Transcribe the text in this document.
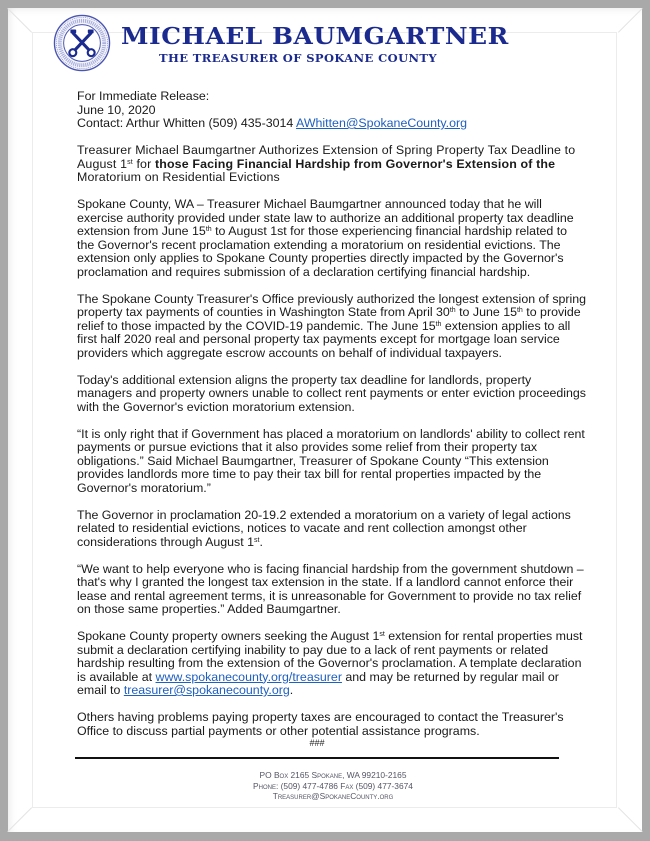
MICHAEL BAUMGARTNER
THE TREASURER OF SPOKANE COUNTY

For Immediate Release:
June 10, 2020
Contact: Arthur Whitten (509) 435-3014 AWhitten@SpokaneCounty.org

Treasurer Michael Baumgartner Authorizes Extension of Spring Property Tax Deadline to August 1st for those Facing Financial Hardship from Governor's Extension of the Moratorium on Residential Evictions

Spokane County, WA – Treasurer Michael Baumgartner announced today that he will exercise authority provided under state law to authorize an additional property tax deadline extension from June 15th to August 1st for those experiencing financial hardship related to the Governor's recent proclamation extending a moratorium on residential evictions. The extension only applies to Spokane County properties directly impacted by the Governor's proclamation and requires submission of a declaration certifying financial hardship.

The Spokane County Treasurer's Office previously authorized the longest extension of spring property tax payments of counties in Washington State from April 30th to June 15th to provide relief to those impacted by the COVID-19 pandemic. The June 15th extension applies to all first half 2020 real and personal property tax payments except for mortgage loan service providers which aggregate escrow accounts on behalf of individual taxpayers.

Today's additional extension aligns the property tax deadline for landlords, property managers and property owners unable to collect rent payments or enter eviction proceedings with the Governor's eviction moratorium extension.

“It is only right that if Government has placed a moratorium on landlords' ability to collect rent payments or pursue evictions that it also provides some relief from their property tax obligations.” Said Michael Baumgartner, Treasurer of Spokane County “This extension provides landlords more time to pay their tax bill for rental properties impacted by the Governor's moratorium.”

The Governor in proclamation 20-19.2 extended a moratorium on a variety of legal actions related to residential evictions, notices to vacate and rent collection amongst other considerations through August 1st.

“We want to help everyone who is facing financial hardship from the government shutdown – that's why I granted the longest tax extension in the state. If a landlord cannot enforce their lease and rental agreement terms, it is unreasonable for Government to provide no tax relief on those same properties.” Added Baumgartner.

Spokane County property owners seeking the August 1st extension for rental properties must submit a declaration certifying inability to pay due to a lack of rent payments or related hardship resulting from the extension of the Governor's proclamation. A template declaration is available at www.spokanecounty.org/treasurer and may be returned by regular mail or email to treasurer@spokanecounty.org.

Others having problems paying property taxes are encouraged to contact the Treasurer's Office to discuss partial payments or other potential assistance programs.

###

PO Box 2165 Spokane, WA 99210-2165
Phone: (509) 477-4786 Fax (509) 477-3674
Treasurer@SpokaneCounty.org
